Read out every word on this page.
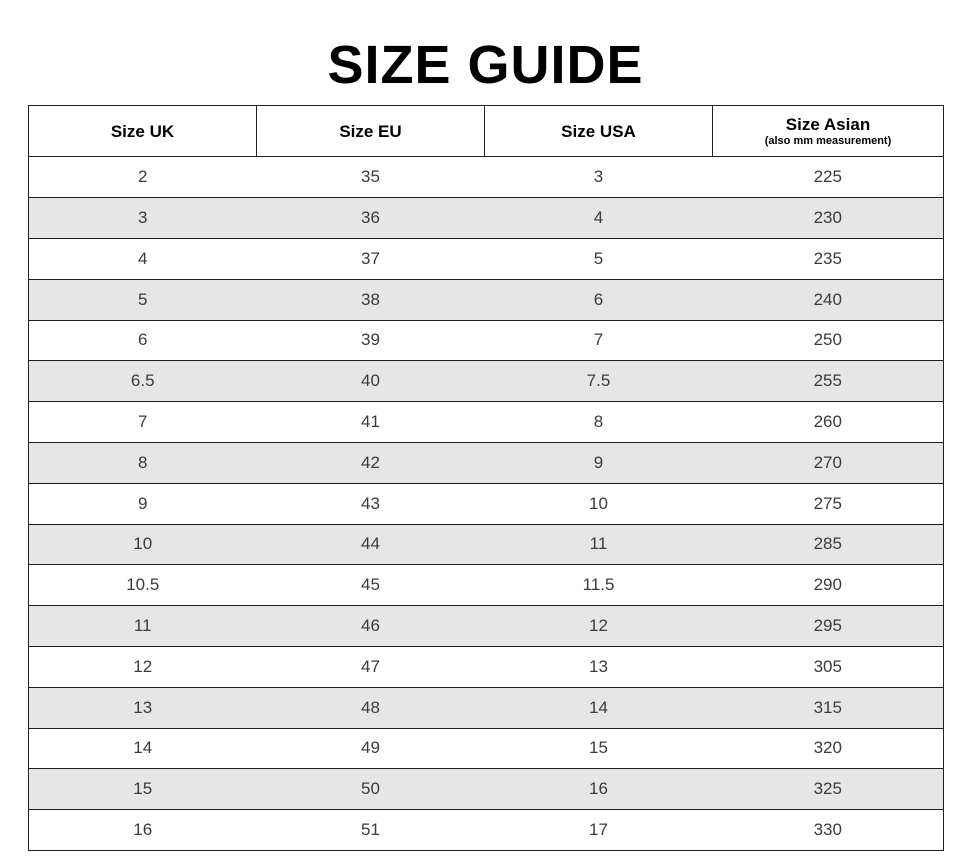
SIZE GUIDE
Size UK	Size EU	Size USA	Size Asian
(also mm measurement)

2	35	3	225
3	36	4	230
4	37	5	235
5	38	6	240
6	39	7	250
6.5	40	7.5	255
7	41	8	260
8	42	9	270
9	43	10	275
10	44	11	285
10.5	45	11.5	290
11	46	12	295
12	47	13	305
13	48	14	315
14	49	15	320
15	50	16	325
16	51	17	330
